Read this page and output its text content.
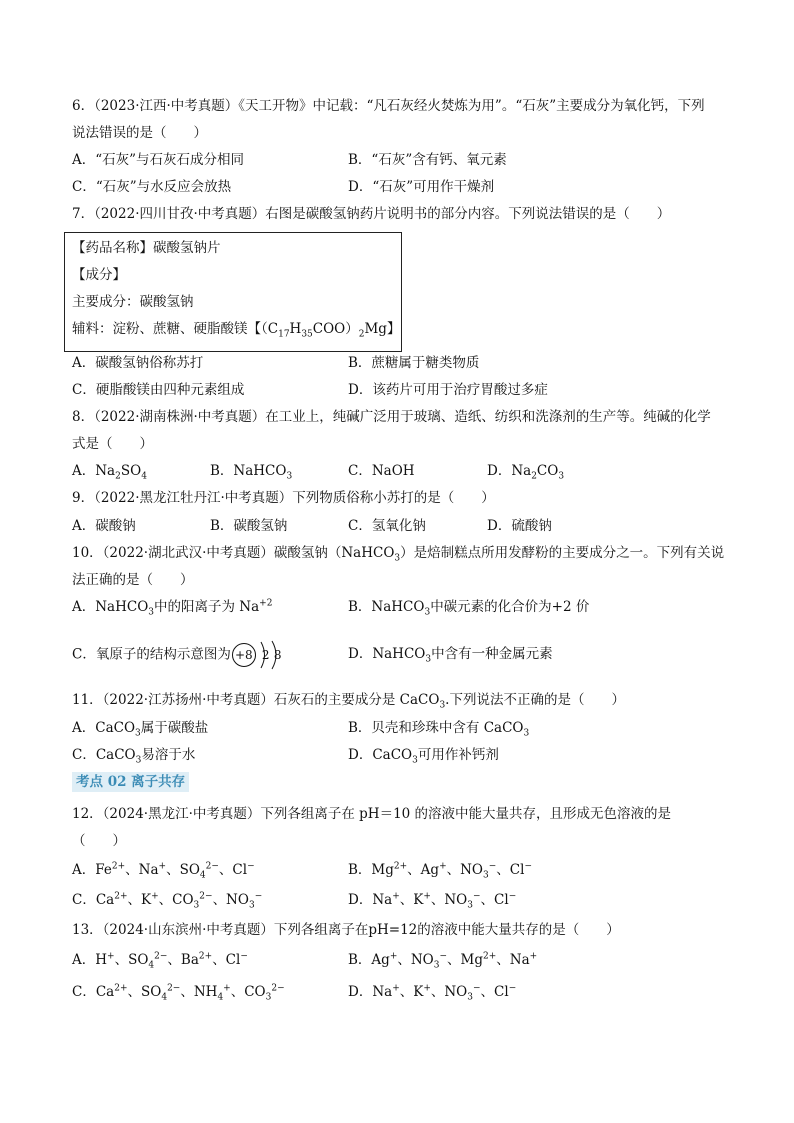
6．（2023·江西·中考真题）《天工开物》中记载：“凡石灰经火焚炼为用”。“石灰”主要成分为氧化钙，下列
说法错误的是（　　）
A．“石灰”与石灰石成分相同	B．“石灰”含有钙、氧元素
C．“石灰”与水反应会放热	D．“石灰”可用作干燥剂
7．（2022·四川甘孜·中考真题）右图是碳酸氢钠药片说明书的部分内容。下列说法错误的是（　　）
【药品名称】碳酸氢钠片
【成分】
主要成分：碳酸氢钠
辅料：淀粉、蔗糖、硬脂酸镁【$(C_{17}H_{35}COO)_2Mg$】
A．碳酸氢钠俗称苏打	B．蔗糖属于糖类物质
C．硬脂酸镁由四种元素组成	D．该药片可用于治疗胃酸过多症
8．（2022·湖南株洲·中考真题）在工业上，纯碱广泛用于玻璃、造纸、纺织和洗涤剂的生产等。纯碱的化学
式是（　　）
A．$Na_2SO_4$	B．NaHCO$_3$	C．NaOH	D．$Na_2CO_3$
9．（2022·黑龙江牡丹江·中考真题）下列物质俗称小苏打的是（　　）
A．碳酸钠	B．碳酸氢钠	C．氢氧化钠	D．硫酸钠
10．（2022·湖北武汉·中考真题）碳酸氢钠（NaHCO$_3$）是焙制糕点所用发酵粉的主要成分之一。下列有关说
法正确的是（　　）
A．NaHCO$_3$中的阳离子为 $Na^{+2}$	B．NaHCO$_3$中碳元素的化合价为+2 价
C．氧原子的结构示意图为 +8 2 8	D．NaHCO$_3$中含有一种金属元素
11．（2022·江苏扬州·中考真题）石灰石的主要成分是 CaCO$_3$.下列说法不正确的是（　　）
A．CaCO$_3$属于碳酸盐	B．贝壳和珍珠中含有 CaCO$_3$
C．CaCO$_3$易溶于水	D．CaCO$_3$可用作补钙剂
考点 02 离子共存
12．（2024·黑龙江·中考真题）下列各组离子在 pH＝10 的溶液中能大量共存，且形成无色溶液的是
（　　）
A．$Fe^{2+}$、Na+、$SO_4^{2-}$、Cl−	B．$Mg^{2+}$、Ag+、$NO_3^-$、Cl−
C．$Ca^{2+}$、K+、$CO_3^{2-}$、$NO_3^-$	D．Na+、K+、$NO_3^-$、Cl−
13．（2024·山东滨州·中考真题）下列各组离子在pH=12的溶液中能大量共存的是（　　）
A．H+、$SO_4^{2-}$、$Ba^{2+}$、Cl−	B．Ag+、$NO_3^-$、$Mg^{2+}$、Na+
C．$Ca^{2+}$、$SO_4^{2-}$、$NH_4^+$、$CO_3^{2-}$	D．Na+、K+、$NO_3^-$、Cl−
